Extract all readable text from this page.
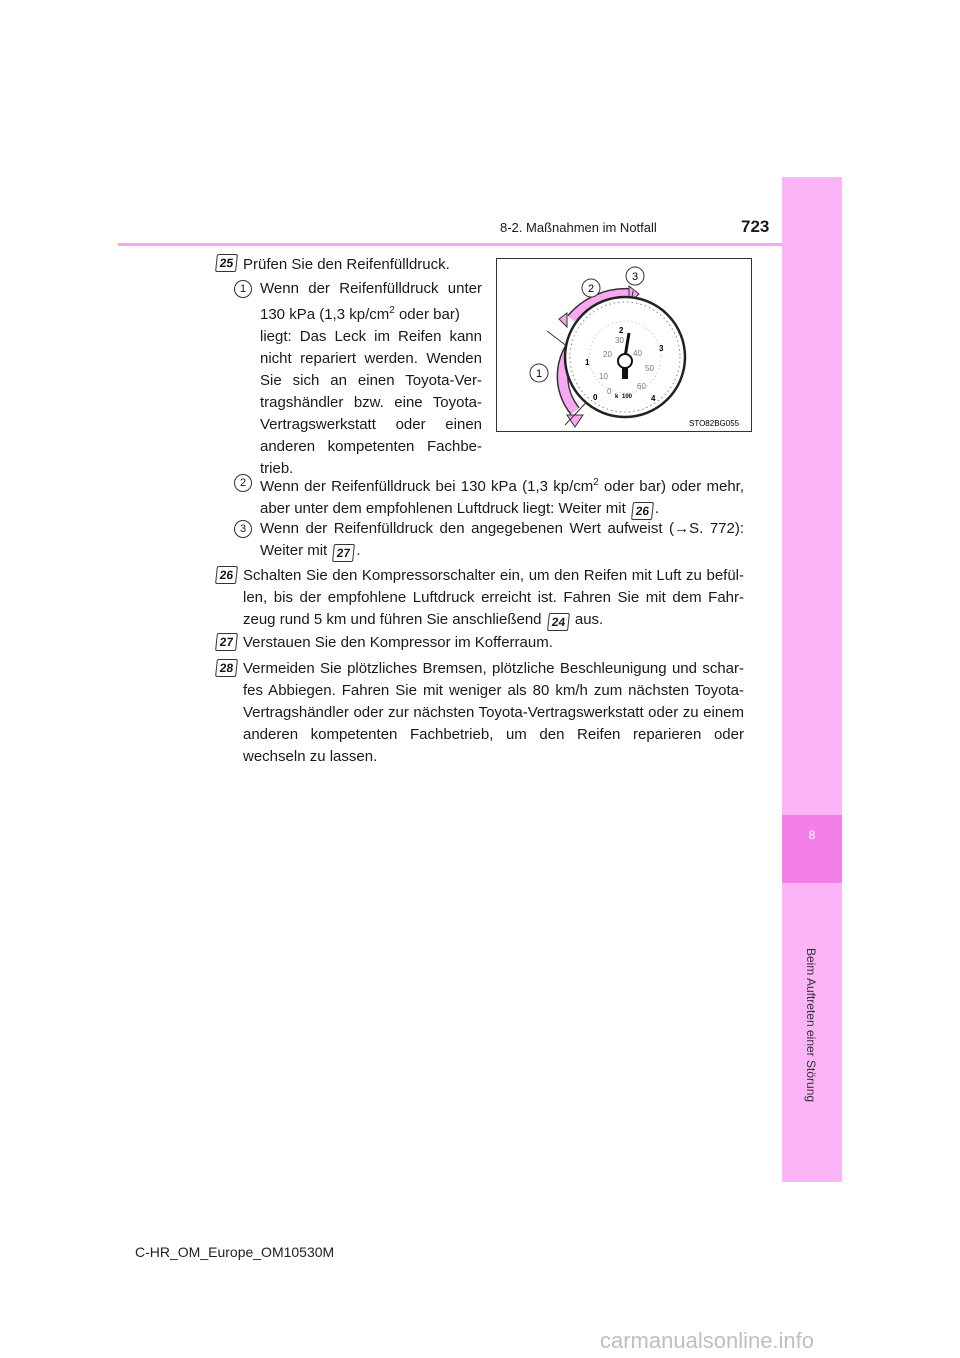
8-2. Maßnahmen im Notfall	723
8
Beim Auftreten einer Störung
25 Prüfen Sie den Reifenfülldruck.
1 Wenn der Reifenfülldruck unter
130 kPa (1,3 $kp/cm^2$ oder bar)
liegt: Das Leck im Reifen kann
nicht repariert werden. Wenden
Sie sich an einen Toyota-Ver-
tragshändler bzw. eine Toyota-
Vertragswerkstatt oder einen
anderen kompetenten Fachbe-
trieb.
0
10
20
30
40
50
60
0
1
2
3
4
k 100
1
2
3
STO82BG055
2 Wenn der Reifenfülldruck bei 130 kPa (1,3 $kp/cm^2$ oder bar) oder mehr, aber unter dem empfohlenen Luftdruck liegt: Weiter mit 26 .
3 Wenn der Reifenfülldruck den angegebenen Wert aufweist (→S. 772): Weiter mit 27 .
26 Schalten Sie den Kompressorschalter ein, um den Reifen mit Luft zu befül-len, bis der empfohlene Luftdruck erreicht ist. Fahren Sie mit dem Fahr-zeug rund 5 km und führen Sie anschließend 24 aus.
27 Verstauen Sie den Kompressor im Kofferraum.
28 Vermeiden Sie plötzliches Bremsen, plötzliche Beschleunigung und schar-fes Abbiegen. Fahren Sie mit weniger als 80 km/h zum nächsten Toyota-Vertragshändler oder zur nächsten Toyota-Vertragswerkstatt oder zu einem anderen kompetenten Fachbetrieb, um den Reifen reparieren oder wechseln zu lassen.
C-HR_OM_Europe_OM10530M
carmanualsonline.info
